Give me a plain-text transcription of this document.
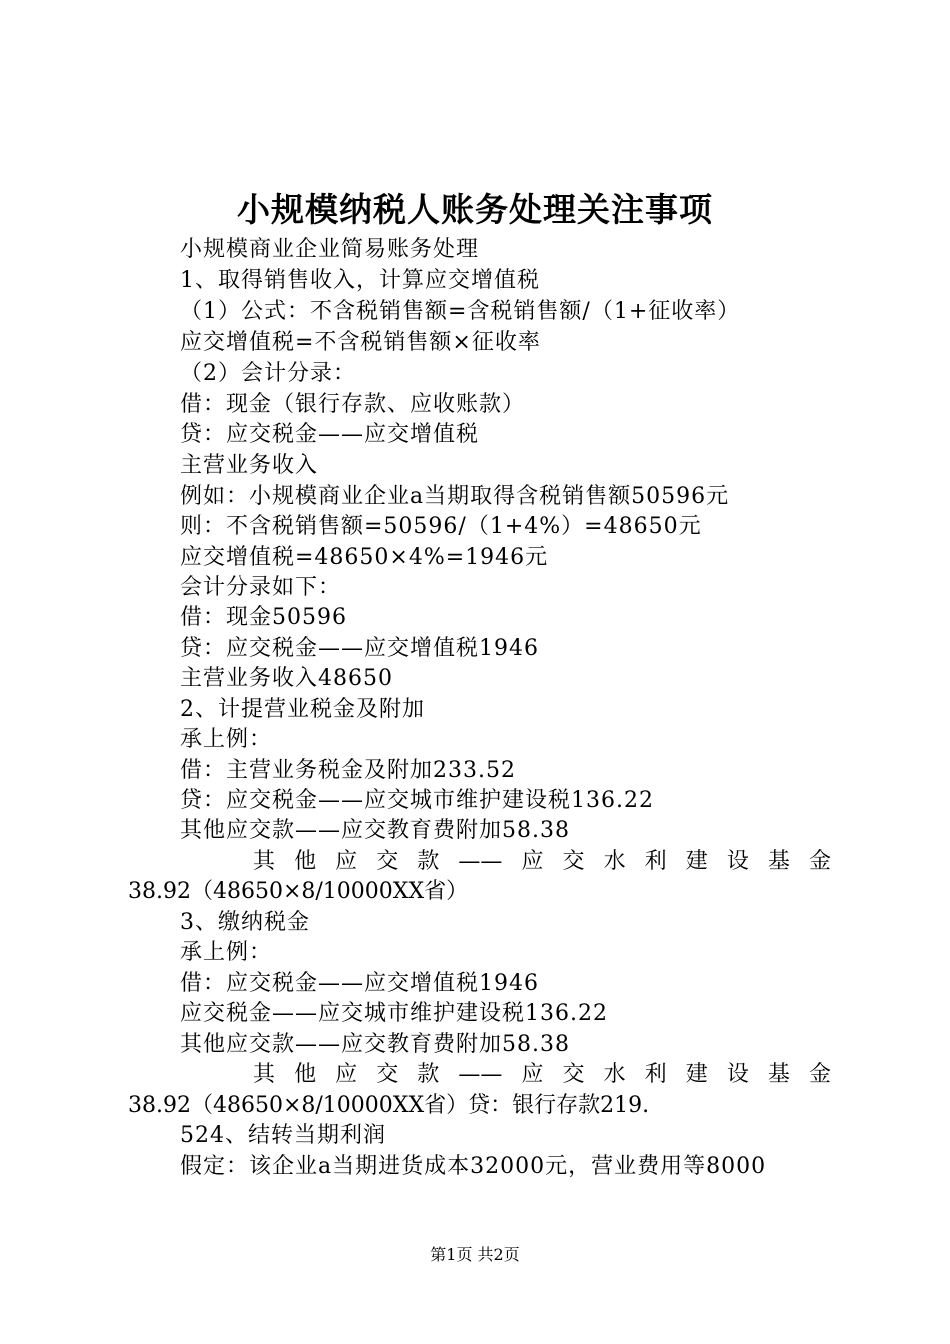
小规模纳税人账务处理关注事项
小规模商业企业简易账务处理
1、取得销售收入，计算应交增值税
（1）公式：不含税销售额=含税销售额/（1+征收率）
应交增值税=不含税销售额×征收率
（2）会计分录：
借：现金（银行存款、应收账款）
贷：应交税金——应交增值税
主营业务收入
例如：小规模商业企业a当期取得含税销售额50596元
则：不含税销售额=50596/（1+4%）=48650元
应交增值税=48650×4%=1946元
会计分录如下：
借：现金50596
贷：应交税金——应交增值税1946
主营业务收入48650
2、计提营业税金及附加
承上例：
借：主营业务税金及附加233.52
贷：应交税金——应交城市维护建设税136.22
其他应交款——应交教育费附加58.38
其他应交款——应交水利建设基金
38.92（48650×8/10000XX省）
3、缴纳税金
承上例：
借：应交税金——应交增值税1946
应交税金——应交城市维护建设税136.22
其他应交款——应交教育费附加58.38
其他应交款——应交水利建设基金
38.92（48650×8/10000XX省）贷：银行存款219.
524、结转当期利润
假定：该企业a当期进货成本32000元，营业费用等8000
第1页 共2页
